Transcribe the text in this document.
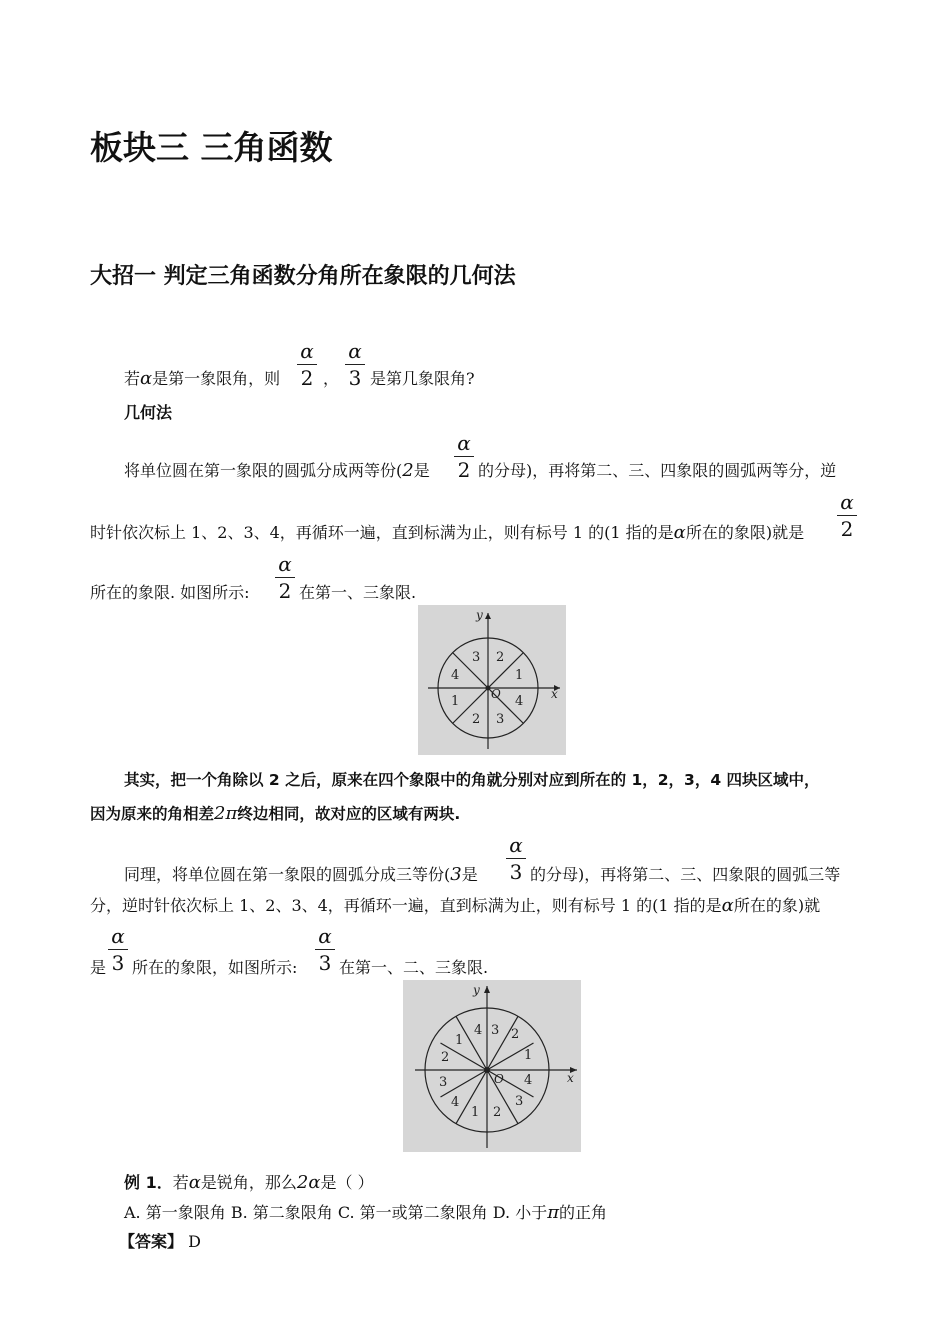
板块三 三角函数
大招一 判定三角函数分角所在象限的几何法
若α是第一象限角，则
α
2 ，
α
3 是第几象限角?
几何法
将单位圆在第一象限的圆弧分成两等份(2是
α
2 的分母)，再将第二、三、四象限的圆弧两等分，逆
时针依次标上 1、2、3、4，再循环一遍，直到标满为止，则有标号 1 的(1 指的是α所在的象限)就是
α
2
所在的象限. 如图所示:
α
2 在第一、三象限.
x
y
O
3 2
4	1
1	4
2 3
其实，把一个角除以 2 之后，原来在四个象限中的角就分别对应到所在的 1，2，3，4 四块区域中，
因为原来的角相差2π终边相同，故对应的区域有两块.
同理，将单位圆在第一象限的圆弧分成三等份(3是
α
3 的分母)，再将第二、三、四象限的圆弧三等
分，逆时针依次标上 1、2、3、4，再循环一遍，直到标满为止，则有标号 1 的(1 指的是α所在的象)就
是
α
3 所在的象限，如图所示:
α
3 在第一、二、三象限.
x
y
O
1
2
3
4
1
2
3
4
1 2
3
4
例 1．若α是锐角，那么2α是（ ）
A. 第一象限角 B. 第二象限角 C. 第一或第二象限角 D. 小于π的正角
【答案】 D
